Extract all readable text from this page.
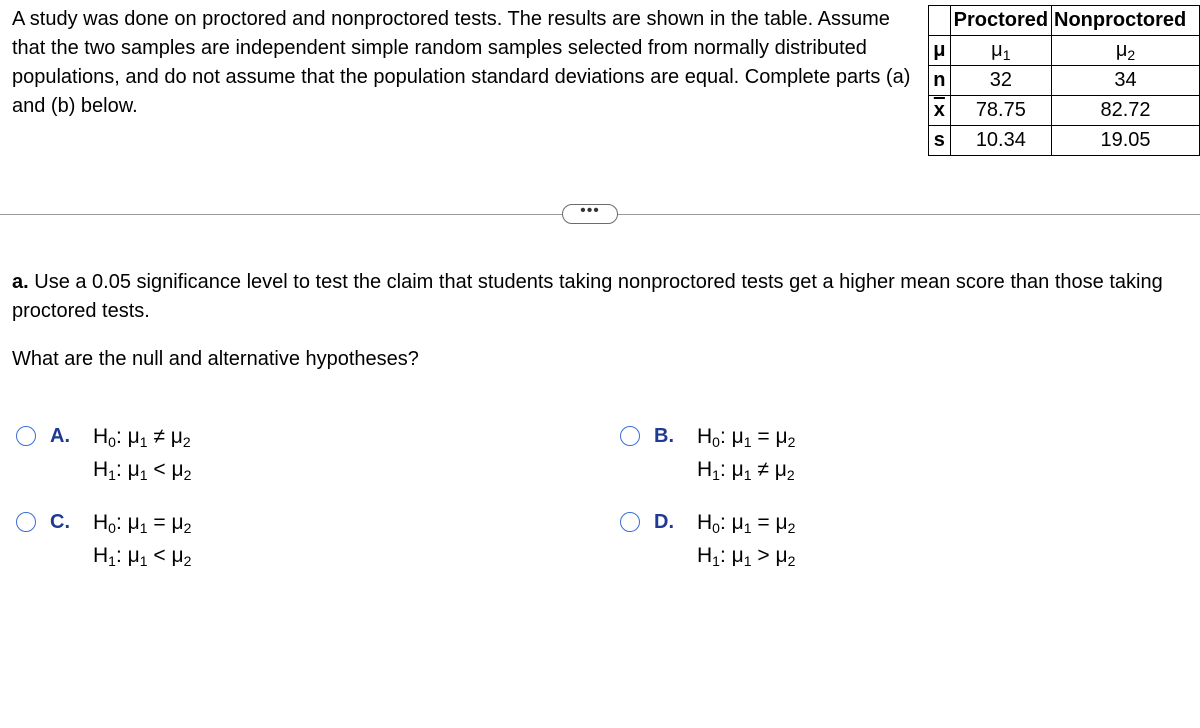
A study was done on proctored and nonproctored tests. The results are shown in the table. Assume that the two samples are independent simple random samples selected from normally distributed populations, and do not assume that the population standard deviations are equal. Complete parts (a) and (b) below.

	Proctored	Nonproctored

μ	$\mu_1$	$\mu_2$
n	32	34
$\overline{x}$	78.75	82.72
s	10.34	19.05
•••

a. Use a 0.05 significance level to test the claim that students taking nonproctored tests get a higher mean score than those taking proctored tests.

What are the null and alternative hypotheses?

A. $H_0$: $\mu_1 \ne \mu_2$
$H_1$: $\mu_1 < \mu_2$
B. $H_0$: $\mu_1 = \mu_2$
$H_1$: $\mu_1 \ne \mu_2$
C. $H_0$: $\mu_1 = \mu_2$
$H_1$: $\mu_1 < \mu_2$
D. $H_0$: $\mu_1 = \mu_2$
$H_1$: $\mu_1 > \mu_2$
